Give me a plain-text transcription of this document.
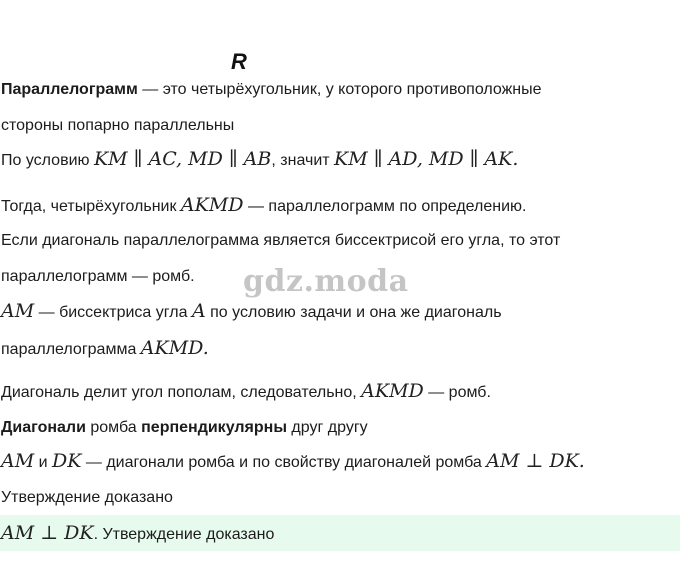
R
Параллелограмм — это четырёхугольник, у которого противоположные
стороны попарно параллельны
По условию KM ∥ AC, MD ∥ AB, значит KM ∥ AD, MD ∥ AK.
Тогда, четырёхугольник AKMD — параллелограмм по определению.
Если диагональ параллелограмма является биссектрисой его угла, то этот
параллелограмм — ромб.
AM — биссектриса угла A по условию задачи и она же диагональ
параллелограмма AKMD.
Диагональ делит угол пополам, следовательно, AKMD — ромб.
Диагонали ромба перпендикулярны друг другу
AM и DK — диагонали ромба и по свойству диагоналей ромба AM ⊥ DK.
Утверждение доказано
AM ⊥ DK. Утверждение доказано
gdz.moda
